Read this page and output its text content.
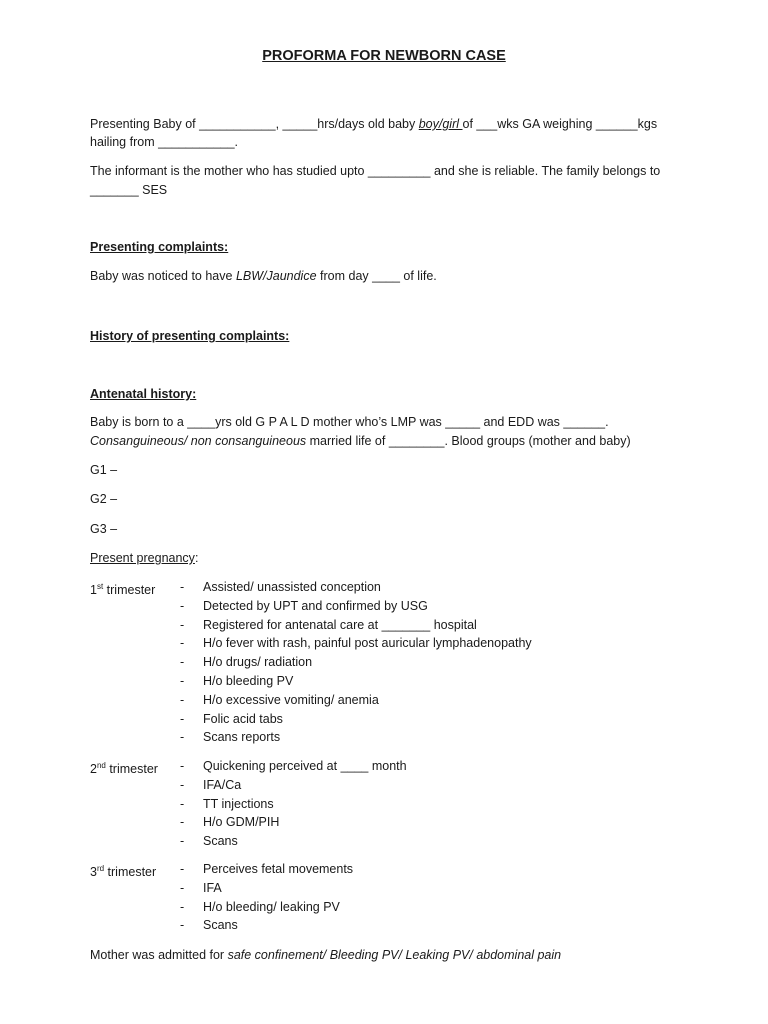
PROFORMA FOR NEWBORN CASE
Presenting Baby of ___________, _____hrs/days old baby boy/girl of ___wks GA weighing ______kgs
hailing from ___________.
The informant is the mother who has studied upto _________ and she is reliable. The family belongs to
_______ SES
Presenting complaints:
Baby was noticed to have LBW/Jaundice from day ____ of life.
History of presenting complaints:
Antenatal history:
Baby is born to a ____yrs old G P A L D mother who’s LMP was _____ and EDD was ______.
Consanguineous/ non consanguineous married life of ________. Blood groups (mother and baby)
G1 –
G2 –
G3 –
Present pregnancy:
1st trimester - Assisted/ unassisted conception
- Detected by UPT and confirmed by USG
- Registered for antenatal care at _______ hospital
- H/o fever with rash, painful post auricular lymphadenopathy
- H/o drugs/ radiation
- H/o bleeding PV
- H/o excessive vomiting/ anemia
- Folic acid tabs
- Scans reports
2nd trimester - Quickening perceived at ____ month
- IFA/Ca
- TT injections
- H/o GDM/PIH
- Scans
3rd trimester - Perceives fetal movements
- IFA
- H/o bleeding/ leaking PV
- Scans
Mother was admitted for safe confinement/ Bleeding PV/ Leaking PV/ abdominal pain
